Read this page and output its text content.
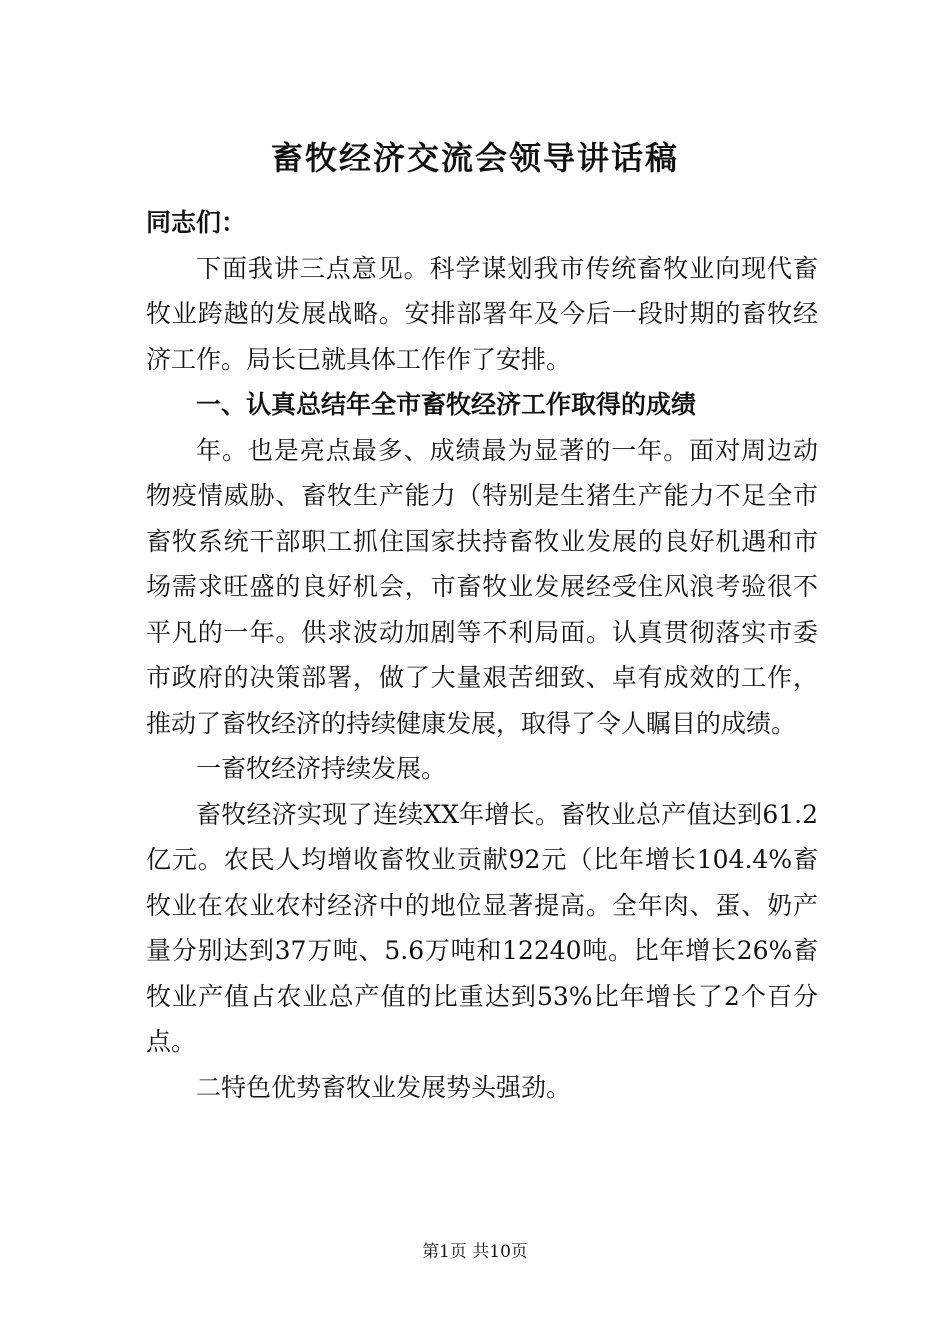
畜牧经济交流会领导讲话稿

同志们：

下面我讲三点意见。科学谋划我市传统畜牧业向现代畜牧业跨越的发展战略。安排部署年及今后一段时期的畜牧经济工作。局长已就具体工作作了安排。

一、认真总结年全市畜牧经济工作取得的成绩

年。也是亮点最多、成绩最为显著的一年。面对周边动物疫情威胁、畜牧生产能力（特别是生猪生产能力不足全市畜牧系统干部职工抓住国家扶持畜牧业发展的良好机遇和市场需求旺盛的良好机会，市畜牧业发展经受住风浪考验很不平凡的一年。供求波动加剧等不利局面。认真贯彻落实市委市政府的决策部署，做了大量艰苦细致、卓有成效的工作，推动了畜牧经济的持续健康发展，取得了令人瞩目的成绩。

一畜牧经济持续发展。

畜牧经济实现了连续XX年增长。畜牧业总产值达到61.2亿元。农民人均增收畜牧业贡献92元（比年增长104.4%畜牧业在农业农村经济中的地位显著提高。全年肉、蛋、奶产量分别达到37万吨、5.6万吨和12240吨。比年增长26%畜牧业产值占农业总产值的比重达到53%比年增长了2个百分点。

二特色优势畜牧业发展势头强劲。

第1页 共10页
